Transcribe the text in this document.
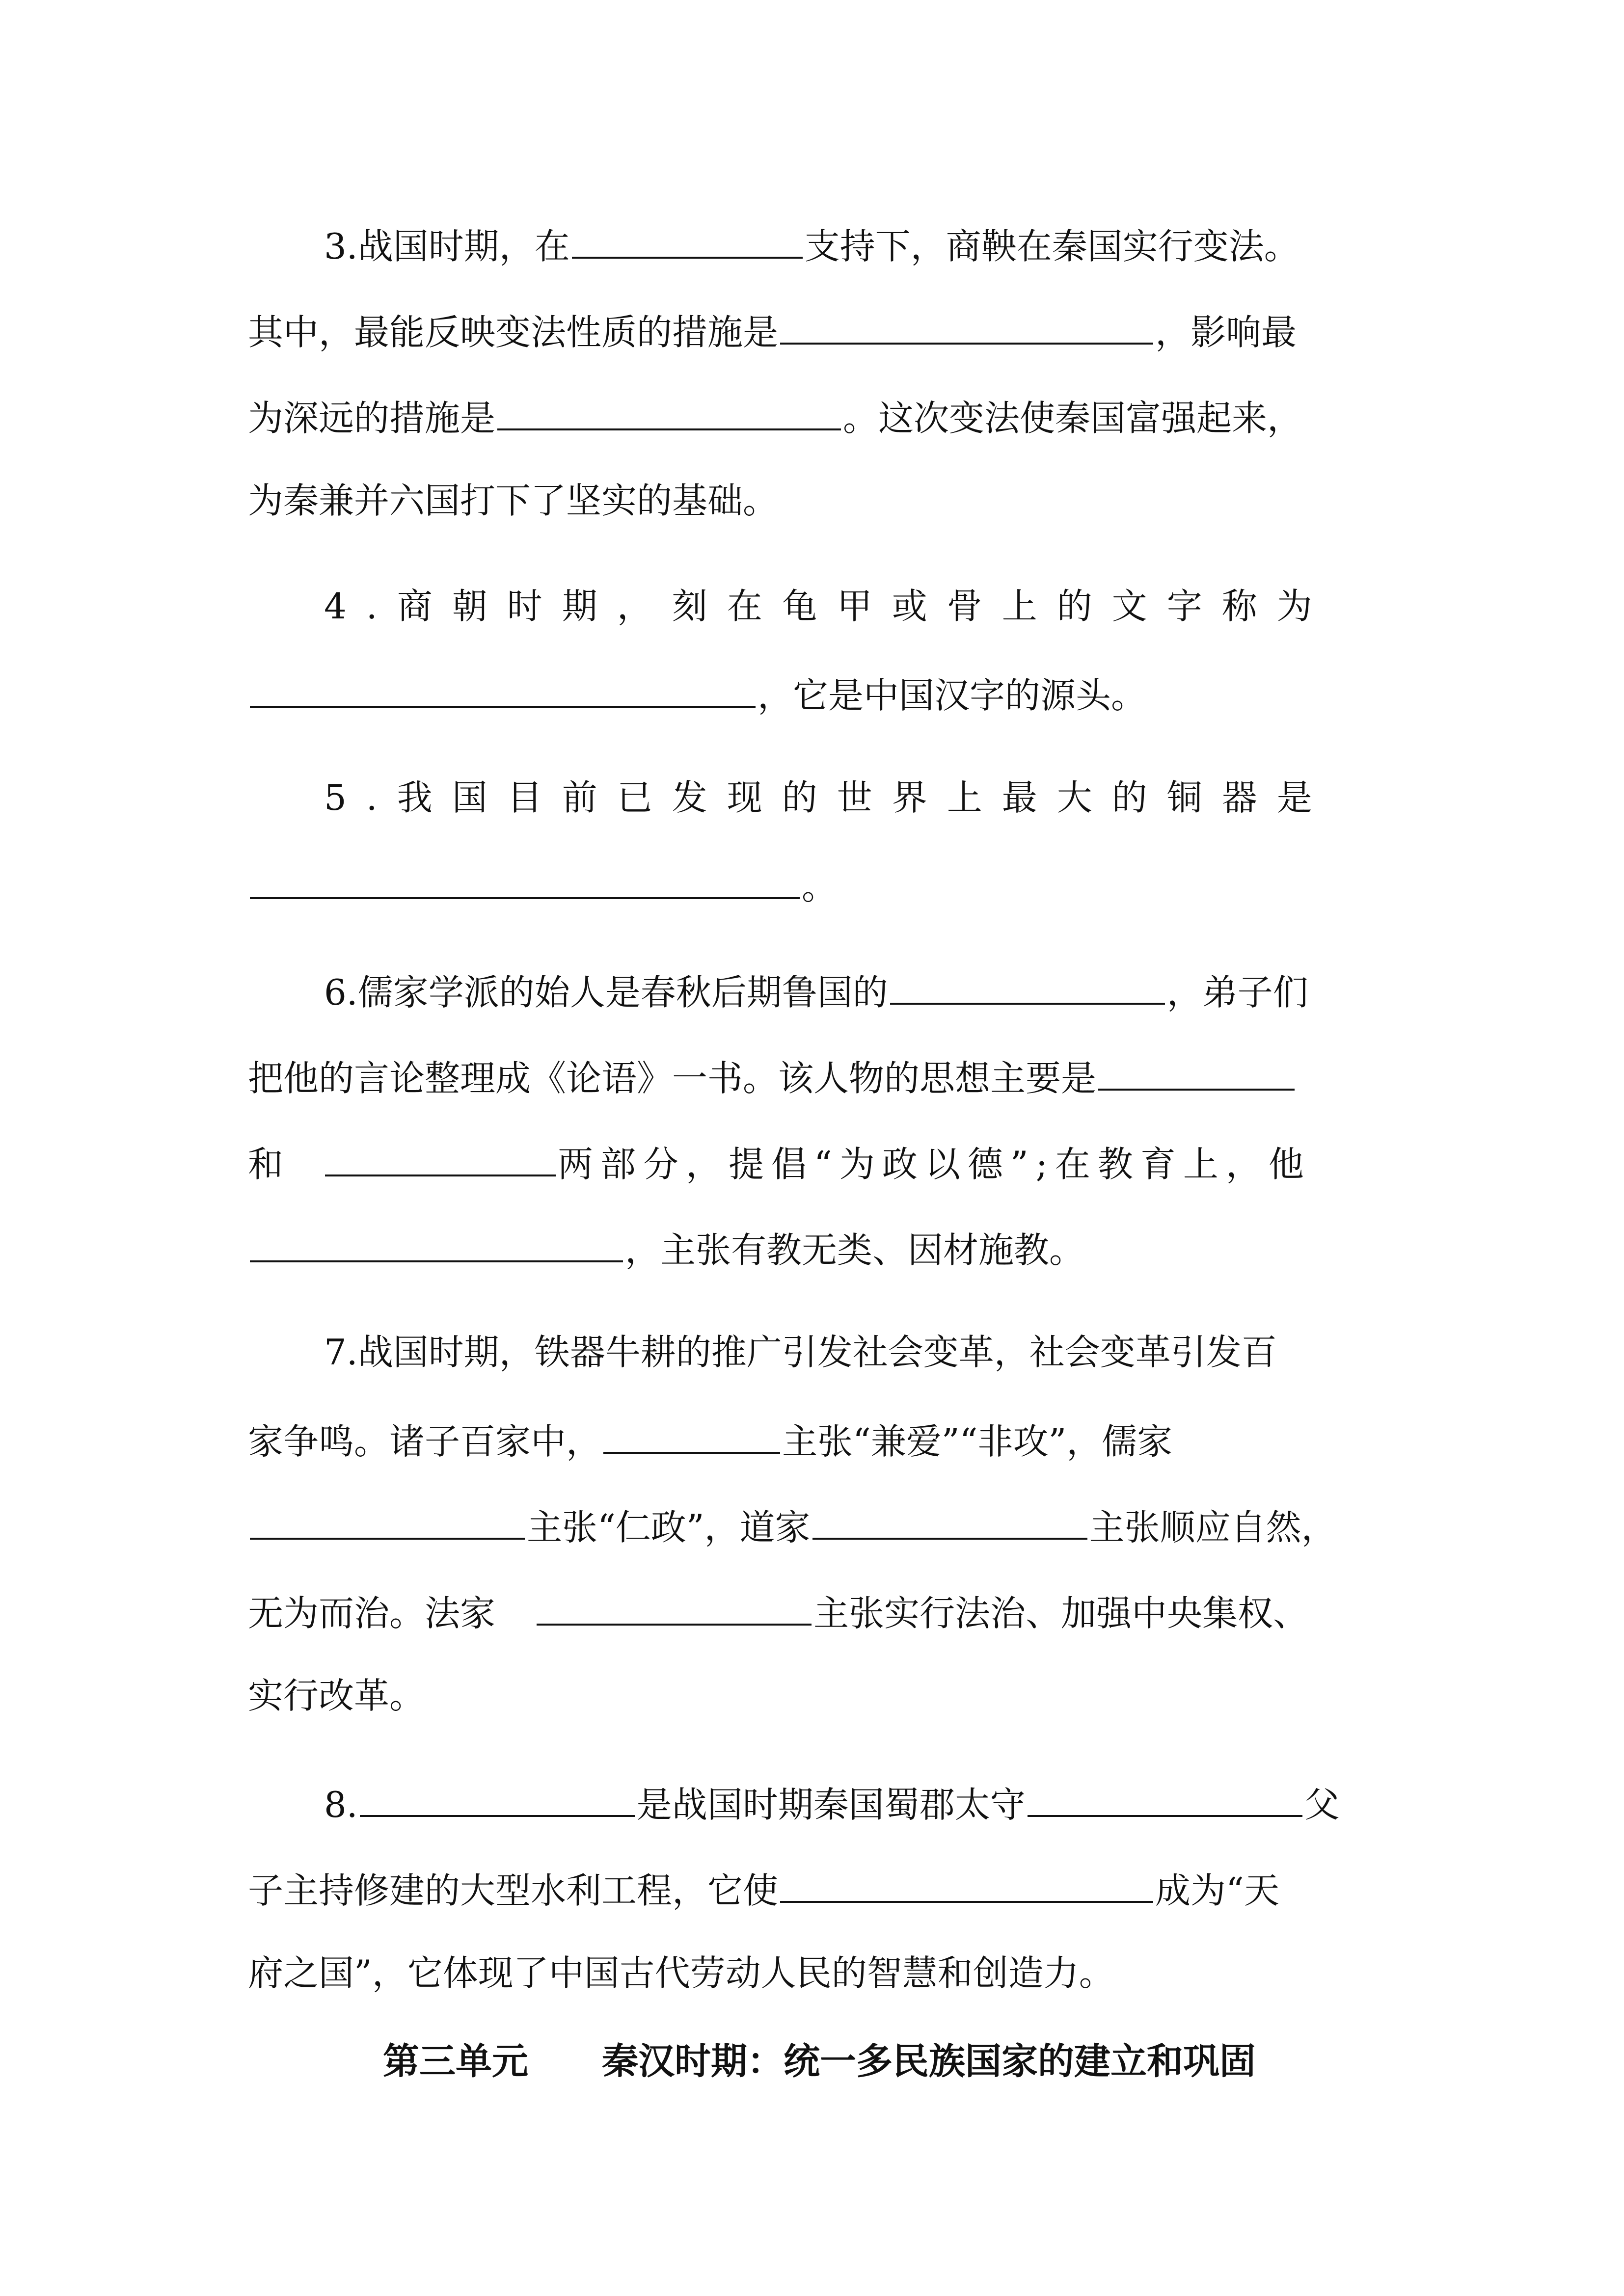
3.战国时期，在	支持下，商鞅在秦国实行变法。
其中，最能反映变法性质的措施是	，影响最
为深远的措施是	。这次变法使秦国富强起来，
为秦兼并六国打下了坚实的基础。
4.商朝时期，刻在龟甲或骨上的文字称为
，它是中国汉字的源头。
5.我国目前已发现的世界上最大的铜器是
。
6.儒家学派的始人是春秋后期鲁国的	，弟子们
把他的言论整理成《论语》一书。该人物的思想主要是
和	两部分，提倡“为政以德”;在教育上，他
，主张有教无类、因材施教。
7.战国时期，铁器牛耕的推广引发社会变革，社会变革引发百
家争鸣。诸子百家中，	主张“兼爱”“非攻”，儒家
主张“仁政”，道家	主张顺应自然，
无为而治。法家	主张实行法治、加强中央集权、
实行改革。
8.	是战国时期秦国蜀郡太守	父
子主持修建的大型水利工程，它使	成为“天
府之国”，它体现了中国古代劳动人民的智慧和创造力。
第三单元 秦汉时期：统一多民族国家的建立和巩固
